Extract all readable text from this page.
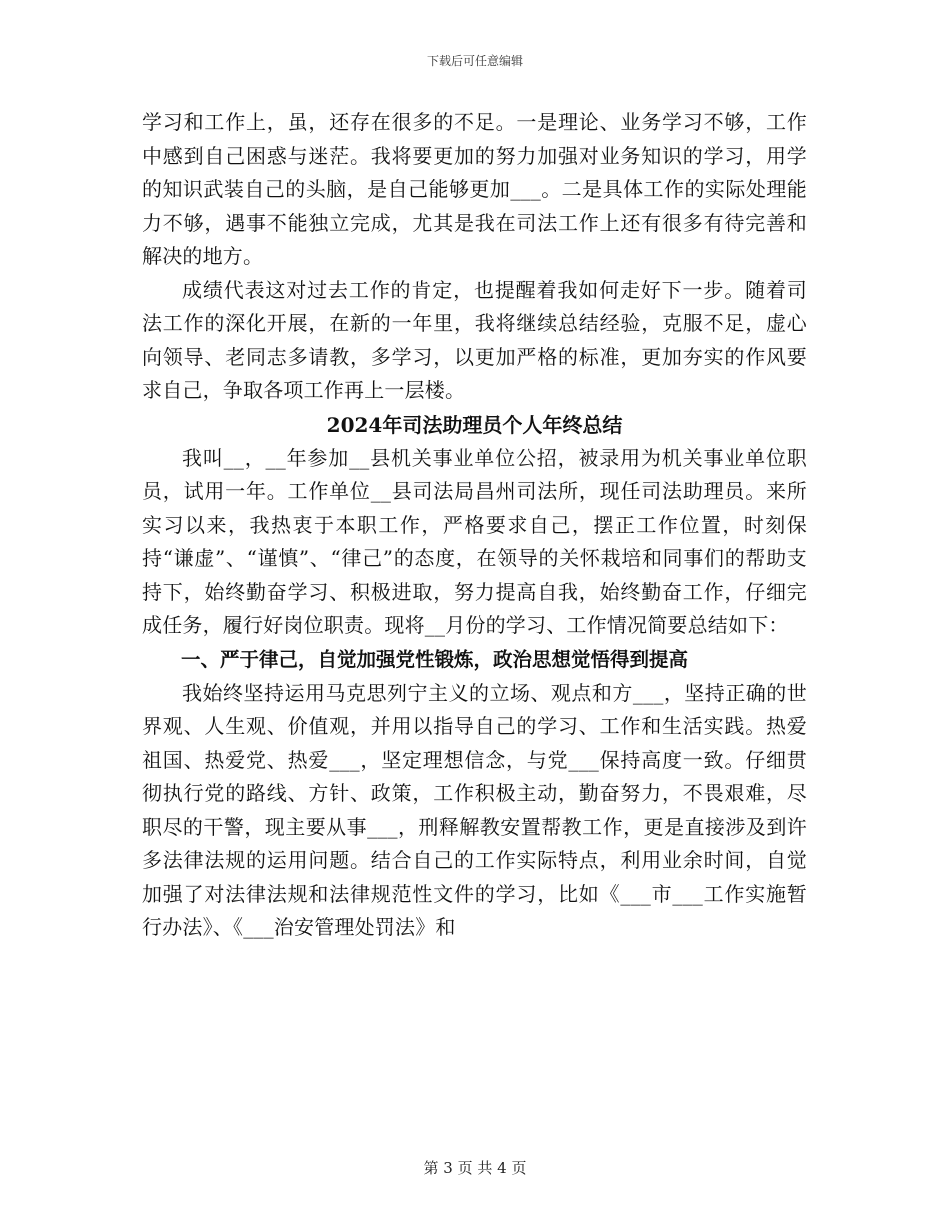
下载后可任意编辑

学习和工作上，虽，还存在很多的不足。一是理论、业务学习不够，工作中感到自己困惑与迷茫。我将要更加的努力加强对业务知识的学习，用学的知识武装自己的头脑，是自己能够更加___。二是具体工作的实际处理能力不够，遇事不能独立完成，尤其是我在司法工作上还有很多有待完善和解决的地方。

成绩代表这对过去工作的肯定，也提醒着我如何走好下一步。随着司法工作的深化开展，在新的一年里，我将继续总结经验，克服不足，虚心向领导、老同志多请教，多学习，以更加严格的标准，更加夯实的作风要求自己，争取各项工作再上一层楼。

2024年司法助理员个人年终总结

我叫__，__年参加__县机关事业单位公招，被录用为机关事业单位职员，试用一年。工作单位__县司法局昌州司法所，现任司法助理员。来所实习以来，我热衷于本职工作，严格要求自己，摆正工作位置，时刻保持“谦虚”、“谨慎”、“律己”的态度，在领导的关怀栽培和同事们的帮助支持下，始终勤奋学习、积极进取，努力提高自我，始终勤奋工作，仔细完成任务，履行好岗位职责。现将__月份的学习、工作情况简要总结如下：

一、严于律己，自觉加强党性锻炼，政治思想觉悟得到提高

我始终坚持运用马克思列宁主义的立场、观点和方___，坚持正确的世界观、人生观、价值观，并用以指导自己的学习、工作和生活实践。热爱祖国、热爱党、热爱___，坚定理想信念，与党___保持高度一致。仔细贯彻执行党的路线、方针、政策，工作积极主动，勤奋努力，不畏艰难，尽职尽的干警，现主要从事___，刑释解教安置帮教工作，更是直接涉及到许多法律法规的运用问题。结合自己的工作实际特点，利用业余时间，自觉加强了对法律法规和法律规范性文件的学习，比如《___市___工作实施暂行办法》、《___治安管理处罚法》和

第 3 页 共 4 页
